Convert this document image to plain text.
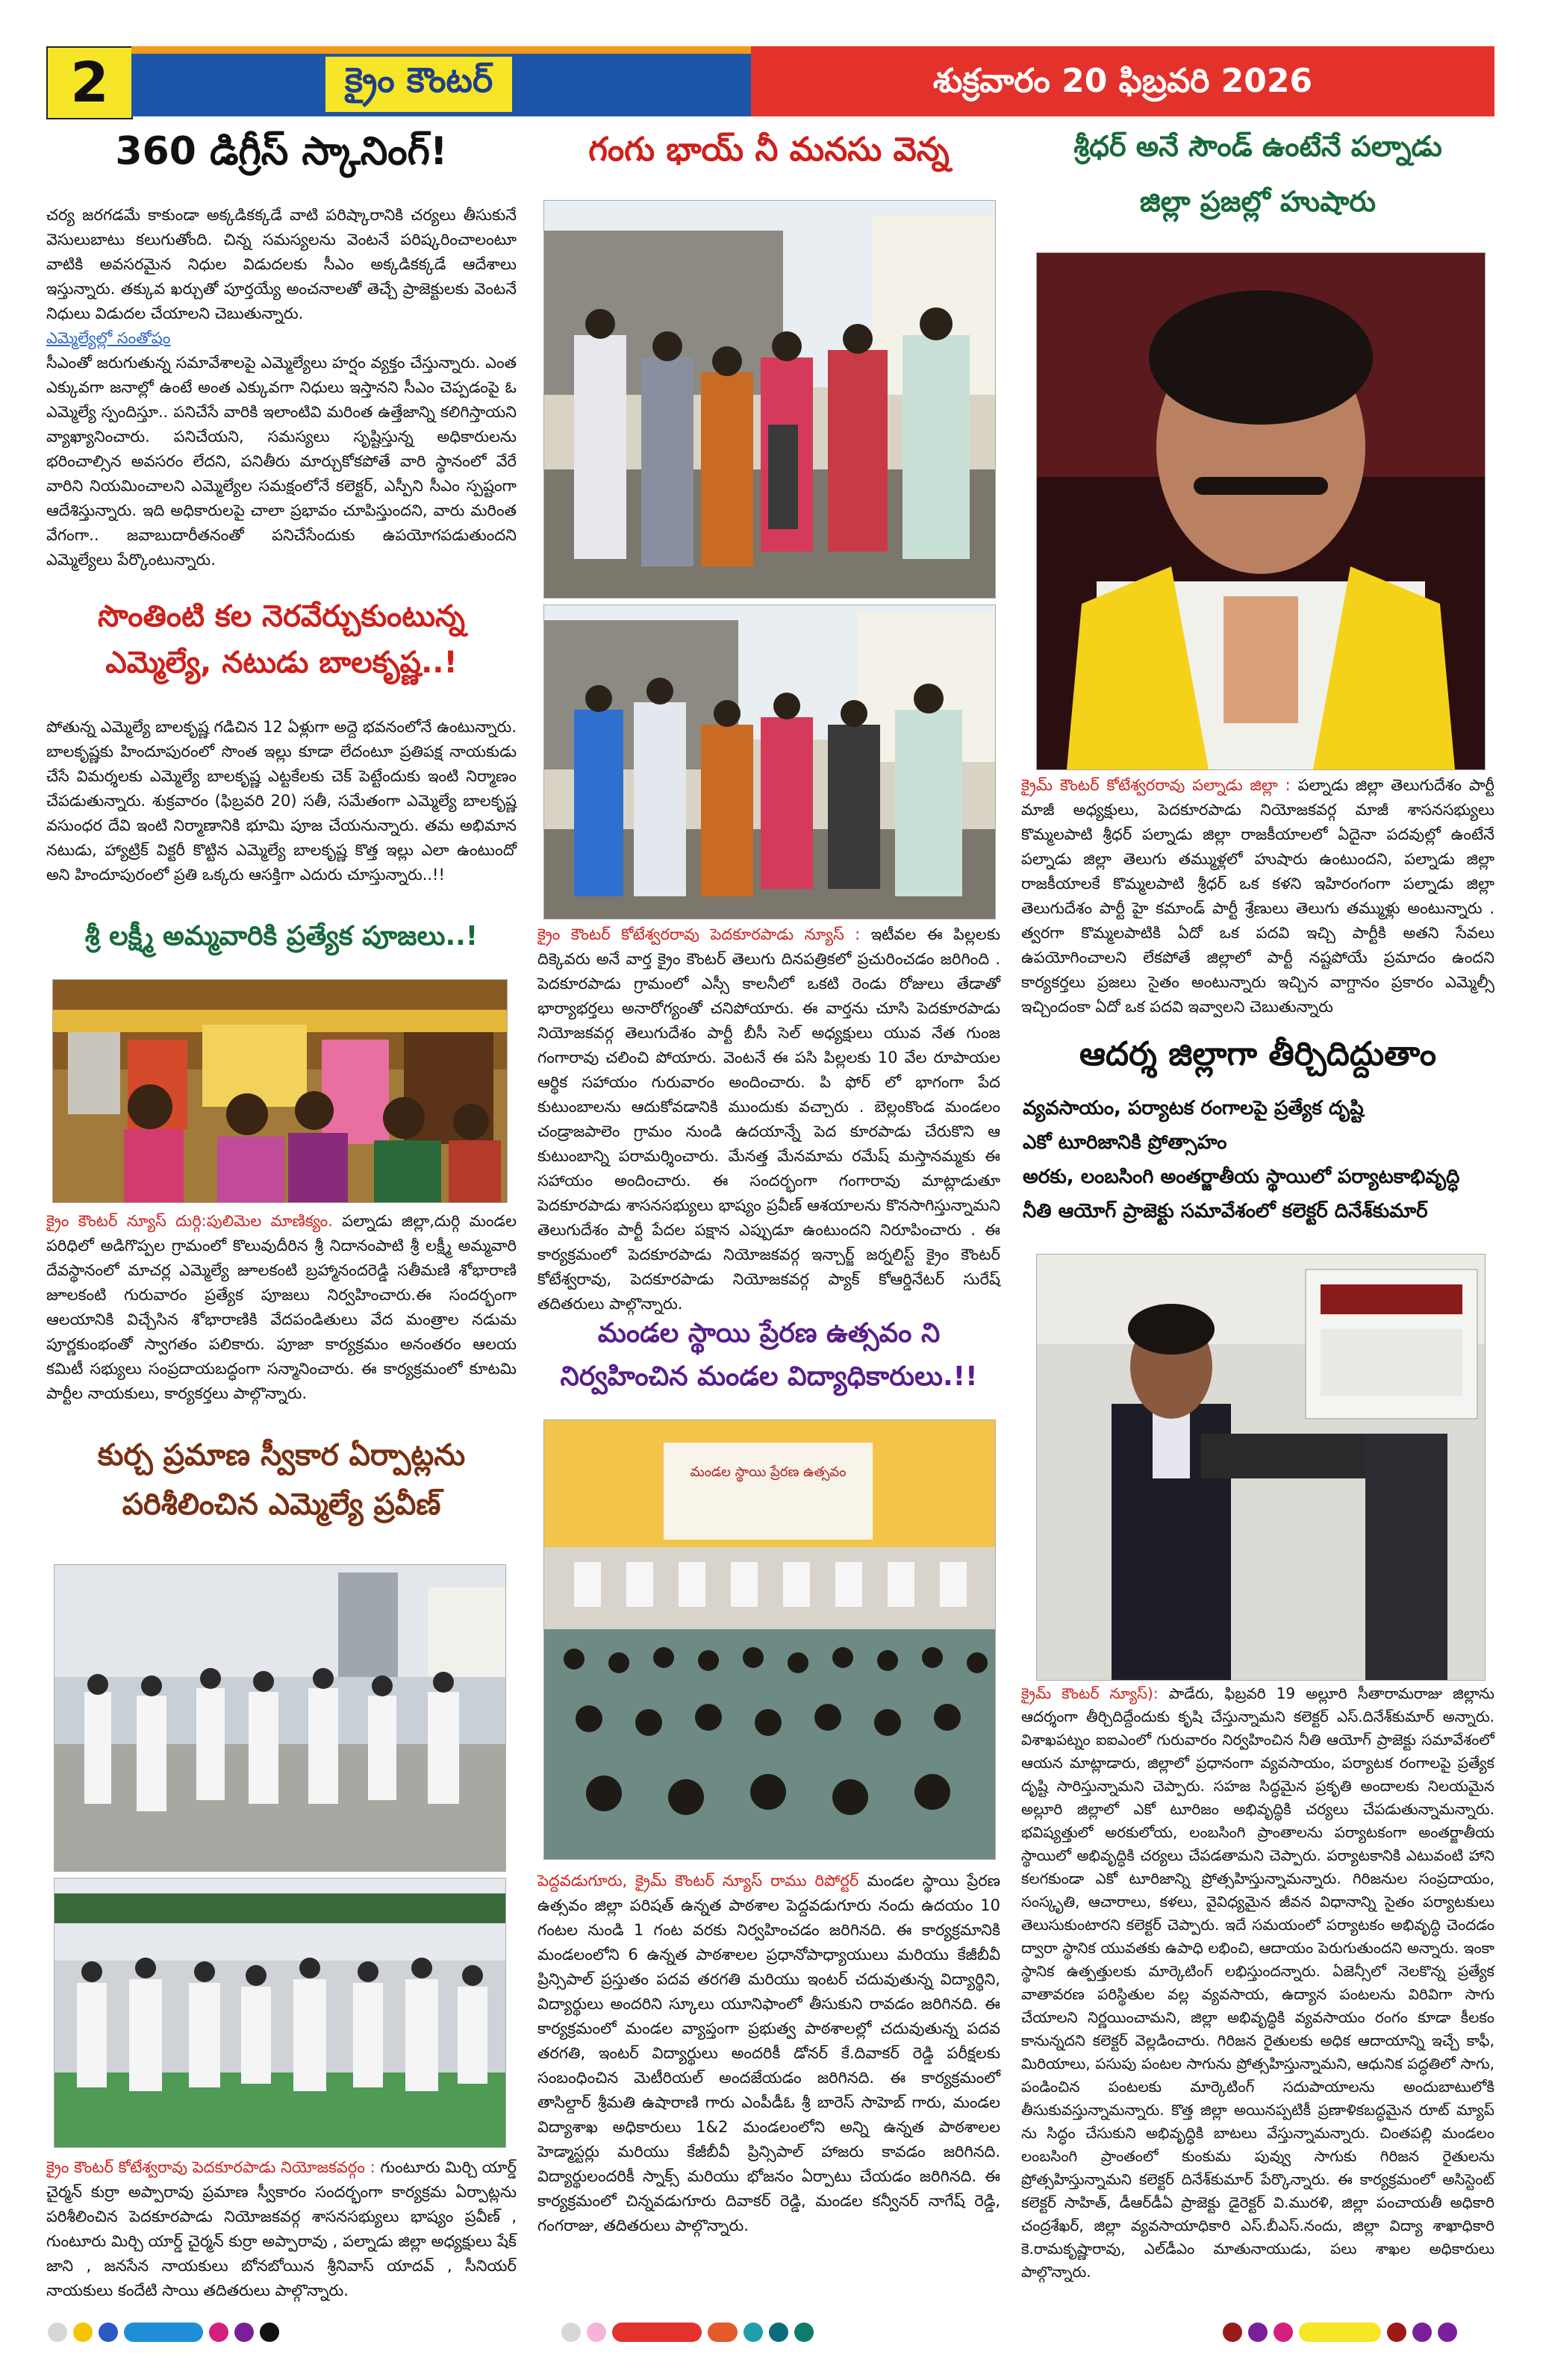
2	క్రైం కౌంటర్	శుక్రవారం 20 ఫిబ్రవరి 2026
360 డిగ్రీస్ స్కానింగ్!

చర్య జరగడమే కాకుండా అక్కడికక్కడే వాటి పరిష్కారానికి చర్యలు తీసుకునే వెసులుబాటు కలుగుతోంది. చిన్న సమస్యలను వెంటనే పరిష్కరించాలంటూ వాటికి అవసరమైన నిధుల విడుదలకు సీఎం అక్కడికక్కడే ఆదేశాలు ఇస్తున్నారు. తక్కువ ఖర్చుతో పూర్తయ్యే అంచనాలతో తెచ్చే ప్రాజెక్టులకు వెంటనే నిధులు విడుదల చేయాలని చెబుతున్నారు.

ఎమ్మెల్యేల్లో సంతోషం

సీఎంతో జరుగుతున్న సమావేశాలపై ఎమ్మెల్యేలు హర్షం వ్యక్తం చేస్తున్నారు. ఎంత ఎక్కువగా జనాల్లో ఉంటే అంత ఎక్కువగా నిధులు ఇస్తానని సీఎం చెప్పడంపై ఓ ఎమ్మెల్యే స్పందిస్తూ.. పనిచేసే వారికి ఇలాంటివి మరింత ఉత్తేజాన్ని కలిగిస్తాయని వ్యాఖ్యానించారు. పనిచేయని, సమస్యలు సృష్టిస్తున్న అధికారులను భరించాల్సిన అవసరం లేదని, పనితీరు మార్చుకోకపోతే వారి స్థానంలో వేరే వారిని నియమించాలని ఎమ్మెల్యేల సమక్షంలోనే కలెక్టర్, ఎస్పీని సీఎం స్పష్టంగా ఆదేశిస్తున్నారు. ఇది అధికారులపై చాలా ప్రభావం చూపిస్తుందని, వారు మరింత వేగంగా.. జవాబుదారీతనంతో పనిచేసేందుకు ఉపయోగపడుతుందని ఎమ్మెల్యేలు పేర్కొంటున్నారు.

సొంతింటి కల నెరవేర్చుకుంటున్న
ఎమ్మెల్యే, నటుడు బాలకృష్ణ..!
పోతున్న ఎమ్మెల్యే బాలకృష్ణ గడిచిన 12 ఏళ్లుగా అద్దె భవనంలోనే ఉంటున్నారు. బాలకృష్ణకు హిందూపురంలో సొంత ఇల్లు కూడా లేదంటూ ప్రతిపక్ష నాయకుడు చేసే విమర్శలకు ఎమ్మెల్యే బాలకృష్ణ ఎట్టకేలకు చెక్ పెట్టేందుకు ఇంటి నిర్మాణం చేపడుతున్నారు. శుక్రవారం (ఫిబ్రవరి 20) సతీ, సమేతంగా ఎమ్మెల్యే బాలకృష్ణ వసుంధర దేవి ఇంటి నిర్మాణానికి భూమి పూజ చేయనున్నారు. తమ అభిమాన నటుడు, హ్యాట్రిక్ విక్టరీ కొట్టిన ఎమ్మెల్యే బాలకృష్ణ కొత్త ఇల్లు ఎలా ఉంటుందో అని హిందూపురంలో ప్రతి ఒక్కరు ఆసక్తిగా ఎదురు చూస్తున్నారు..!!
శ్రీ లక్ష్మీ అమ్మవారికి ప్రత్యేక పూజలు..!
క్రైం కౌంటర్ న్యూస్ దుర్గి:పులిమెల మాణిక్యం. పల్నాడు జిల్లా,దుర్గి మండల పరిధిలో అడిగొప్పల గ్రామంలో కొలువుదీరిన శ్రీ నిదానంపాటి శ్రీ లక్ష్మీ అమ్మవారి దేవస్థానంలో మాచర్ల ఎమ్మెల్యే జూలకంటి బ్రహ్మానందరెడ్డి సతీమణి శోభారాణి జూలకంటి గురువారం ప్రత్యేక పూజలు నిర్వహించారు.ఈ సందర్భంగా ఆలయానికి విచ్చేసిన శోభారాణికి వేదపండితులు వేద మంత్రాల నడుమ పూర్ణకుంభంతో స్వాగతం పలికారు. పూజా కార్యక్రమం అనంతరం ఆలయ కమిటీ సభ్యులు సంప్రదాయబద్ధంగా సన్మానించారు. ఈ కార్యక్రమంలో కూటమి పార్టీల నాయకులు, కార్యకర్తలు పాల్గొన్నారు.
కుర్చ ప్రమాణ స్వీకార ఏర్పాట్లను
పరిశీలించిన ఎమ్మెల్యే ప్రవీణ్
క్రైం కౌంటర్ కోటేశ్వరావు పెదకూరపాడు నియోజకవర్గం : గుంటూరు మిర్చి యార్డ్ చైర్మన్ కుర్రా అప్పారావు ప్రమాణ స్వీకారం సందర్భంగా కార్యక్రమ ఏర్పాట్లను పరిశీలించిన పెదకూరపాడు నియోజకవర్గ శాసనసభ్యులు భాష్యం ప్రవీణ్ , గుంటూరు మిర్చి యార్డ్ చైర్మన్ కుర్రా అప్పారావు , పల్నాడు జిల్లా అధ్యక్షులు షేక్ జాని , జనసేన నాయకులు బోనబోయిన శ్రీనివాస్ యాదవ్ , సీనియర్ నాయకులు కందేటి సాయి తదితరులు పాల్గొన్నారు.
గంగు భాయ్ నీ మనసు వెన్న
క్రైం కౌంటర్ కోటేశ్వరరావు పెదకూరపాడు న్యూస్ : ఇటీవల ఈ పిల్లలకు దిక్కెవరు అనే వార్త క్రైం కౌంటర్ తెలుగు దినపత్రికలో ప్రచురించడం జరిగింది . పెదకూరపాడు గ్రామంలో ఎస్సీ కాలనీలో ఒకటి రెండు రోజులు తేడాతో భార్యాభర్తలు అనారోగ్యంతో చనిపోయారు. ఈ వార్తను చూసి పెదకూరపాడు నియోజకవర్గ తెలుగుదేశం పార్టీ బీసీ సెల్ అధ్యక్షులు యువ నేత గుంజ గంగారావు చలించి పోయారు. వెంటనే ఈ పసి పిల్లలకు 10 వేల రూపాయల ఆర్థిక సహాయం గురువారం అందించారు. పి ఫోర్ లో భాగంగా పేద కుటుంబాలను ఆదుకోవడానికి ముందుకు వచ్చారు . బెల్లంకొండ మండలం చండ్రాజపాలెం గ్రామం నుండి ఉదయాన్నే పెద కూరపాడు చేరుకొని ఆ కుటుంబాన్ని పరామర్శించారు. మేనత్త మేనమామ రమేష్ మస్తానమ్మకు ఈ సహాయం అందించారు. ఈ సందర్భంగా గంగారావు మాట్లాడుతూ పెదకూరపాడు శాసనసభ్యులు భాష్యం ప్రవీణ్ ఆశయాలను కొనసాగిస్తున్నామని తెలుగుదేశం పార్టీ పేదల పక్షాన ఎప్పుడూ ఉంటుందని నిరూపించారు . ఈ కార్యక్రమంలో పెదకూరపాడు నియోజకవర్గ ఇన్చార్జ్ జర్నలిస్ట్ క్రైం కౌంటర్ కోటేశ్వరావు, పెదకూరపాడు నియోజకవర్గ ప్యాక్ కోఆర్డినేటర్ సురేష్ తదితరులు పాల్గొన్నారు.
మండల స్థాయి ప్రేరణ ఉత్సవం ని
నిర్వహించిన మండల విద్యాధికారులు.!!
మండల స్థాయి ప్రేరణ ఉత్సవం
పెద్దవడుగూరు, క్రైమ్ కౌంటర్ న్యూస్ రాము రిపోర్టర్ మండల స్థాయి ప్రేరణ ఉత్సవం జిల్లా పరిషత్ ఉన్నత పాఠశాల పెద్దవడుగూరు నందు ఉదయం 10 గంటల నుండి 1 గంట వరకు నిర్వహించడం జరిగినది. ఈ కార్యక్రమానికి మండలంలోని 6 ఉన్నత పాఠశాలల ప్రధానోపాధ్యాయులు మరియు కేజీబీవీ ప్రిన్సిపాల్ ప్రస్తుతం పదవ తరగతి మరియు ఇంటర్ చదువుతున్న విద్యార్థిని, విద్యార్థులు అందరిని స్కూలు యూనిఫాంలో తీసుకుని రావడం జరిగినది. ఈ కార్యక్రమంలో మండల వ్యాప్తంగా ప్రభుత్వ పాఠశాలల్లో చదువుతున్న పదవ తరగతి, ఇంటర్ విద్యార్థులు అందరికీ డోనర్ కే.దివాకర్ రెడ్డి పరీక్షలకు సంబంధించిన మెటీరియల్ అందజేయడం జరిగినది. ఈ కార్యక్రమంలో తాసిల్దార్ శ్రీమతి ఉషారాణి గారు ఎంపీడీఓ శ్రీ బారెస్ సాహెబ్ గారు, మండల విద్యాశాఖ అధికారులు 1&2 మండలంలోని అన్ని ఉన్నత పాఠశాలల హెడ్మాస్టర్లు మరియు కేజీబీవీ ప్రిన్సిపాల్ హాజరు కావడం జరిగినది. విద్యార్థులందరికీ స్నాక్స్ మరియు భోజనం ఏర్పాటు చేయడం జరిగినది. ఈ కార్యక్రమంలో చిన్నవడుగూరు దివాకర్ రెడ్డి, మండల కన్వీనర్ నాగేష్ రెడ్డి, గంగరాజు, తదితరులు పాల్గొన్నారు.
శ్రీధర్ అనే సౌండ్ ఉంటేనే పల్నాడు
జిల్లా ప్రజల్లో హుషారు
క్రైమ్ కౌంటర్ కోటేశ్వరరావు పల్నాడు జిల్లా : పల్నాడు జిల్లా తెలుగుదేశం పార్టీ మాజీ అధ్యక్షులు, పెదకూరపాడు నియోజకవర్గ మాజీ శాసనసభ్యులు కొమ్మలపాటి శ్రీధర్ పల్నాడు జిల్లా రాజకీయాలలో ఏదైనా పదవుల్లో ఉంటేనే పల్నాడు జిల్లా తెలుగు తమ్ముళ్లలో హుషారు ఉంటుందని, పల్నాడు జిల్లా రాజకీయాలకే కొమ్మలపాటి శ్రీధర్ ఒక కళని ఇహిరంగంగా పల్నాడు జిల్లా తెలుగుదేశం పార్టీ హై కమాండ్ పార్టీ శ్రేణులు తెలుగు తమ్ముళ్లు అంటున్నారు . త్వరగా కొమ్మలపాటికి ఏదో ఒక పదవి ఇచ్చి పార్టీకి అతని సేవలు ఉపయోగించాలని లేకపోతే జిల్లాలో పార్టీ నష్టపోయే ప్రమాదం ఉందని కార్యకర్తలు ప్రజలు సైతం అంటున్నారు ఇచ్చిన వాగ్దానం ప్రకారం ఎమ్మెల్సీ ఇచ్చిందంకా ఏదో ఒక పదవి ఇవ్వాలని చెబుతున్నారు
ఆదర్శ జిల్లాగా తీర్చిదిద్దుతాం
వ్యవసాయం, పర్యాటక రంగాలపై ప్రత్యేక దృష్టి
ఎకో టూరిజానికి ప్రోత్సాహం
అరకు, లంబసింగి అంతర్జాతీయ స్థాయిలో పర్యాటకాభివృద్ధి
నీతి ఆయోగ్ ప్రాజెక్టు సమావేశంలో కలెక్టర్ దినేశ్‌కుమార్
క్రైమ్ కౌంటర్ న్యూస్): పాడేరు, ఫిబ్రవరి 19 అల్లూరి సీతారామరాజు జిల్లాను ఆదర్శంగా తీర్చిదిద్దేందుకు కృషి చేస్తున్నామని కలెక్టర్ ఎస్.దినేశ్‌కుమార్ అన్నారు. విశాఖపట్నం ఐఐఎంలో గురువారం నిర్వహించిన నీతి ఆయోగ్ ప్రాజెక్టు సమావేశంలో ఆయన మాట్లాడారు, జిల్లాలో ప్రధానంగా వ్యవసాయం, పర్యాటక రంగాలపై ప్రత్యేక దృష్టి సారిస్తున్నామని చెప్పారు. సహజ సిద్ధమైన ప్రకృతి అందాలకు నిలయమైన అల్లూరి జిల్లాలో ఎకో టూరిజం అభివృద్ధికి చర్యలు చేపడుతున్నామన్నారు. భవిష్యత్తులో అరకులోయ, లంబసింగి ప్రాంతాలను పర్యాటకంగా అంతర్జాతీయ స్థాయిలో అభివృద్ధికి చర్యలు చేపడతామని చెప్పారు. పర్యాటకానికి ఎటువంటి హాని కలగకుండా ఎకో టూరిజాన్ని ప్రోత్సహిస్తున్నామన్నారు. గిరిజనుల సంప్రదాయం, సంస్కృతి, ఆచారాలు, కళలు, వైవిధ్యమైన జీవన విధానాన్ని సైతం పర్యాటకులు తెలుసుకుంటారని కలెక్టర్ చెప్పారు. ఇదే సమయంలో పర్యాటకం అభివృద్ధి చెందడం ద్వారా స్థానిక యువతకు ఉపాధి లభించి, ఆదాయం పెరుగుతుందని అన్నారు. ఇంకా స్థానిక ఉత్పత్తులకు మార్కెటింగ్ లభిస్తుందన్నారు. ఏజెన్సీలో నెలకొన్న ప్రత్యేక వాతావరణ పరిస్థితుల వల్ల వ్యవసాయ, ఉద్యాన పంటలను విరివిగా సాగు చేయాలని నిర్ణయించామని, జిల్లా అభివృద్ధికి వ్యవసాయం రంగం కూడా కీలకం కానున్నదని కలెక్టర్ వెల్లడించారు. గిరిజన రైతులకు అధిక ఆదాయాన్ని ఇచ్చే కాఫీ, మిరియాలు, పసుపు పంటల సాగును ప్రోత్సహిస్తున్నామని, ఆధునిక పద్ధతిలో సాగు, పండించిన పంటలకు మార్కెటింగ్ సదుపాయాలను అందుబాటులోకి తీసుకువస్తున్నామన్నారు. కొత్త జిల్లా అయినప్పటికీ ప్రణాళికబద్ధమైన రూట్ మ్యాప్ ను సిద్ధం చేసుకుని అభివృద్ధికి బాటలు వేస్తున్నామన్నారు. చింతపల్లి మండలం లంబసింగి ప్రాంతంలో కుంకుమ పువ్వు సాగుకు గిరిజన రైతులను ప్రోత్సహిస్తున్నామని కలెక్టర్ దినేశ్‌కుమార్ పేర్కొన్నారు. ఈ కార్యక్రమంలో అసిస్టెంట్ కలెక్టర్ సాహిత్, డీఆర్‌డీఏ ప్రాజెక్టు డైరెక్టర్ వి.మురళి, జిల్లా పంచాయతీ అధికారి చంద్రశేఖర్, జిల్లా వ్యవసాయాధికారి ఎస్.బీఎస్.నందు, జిల్లా విద్యా శాఖాధికారి కె.రామకృష్ణారావు, ఎల్‌డీఎం మాతునాయుడు, పలు శాఖల అధికారులు పాల్గొన్నారు.
